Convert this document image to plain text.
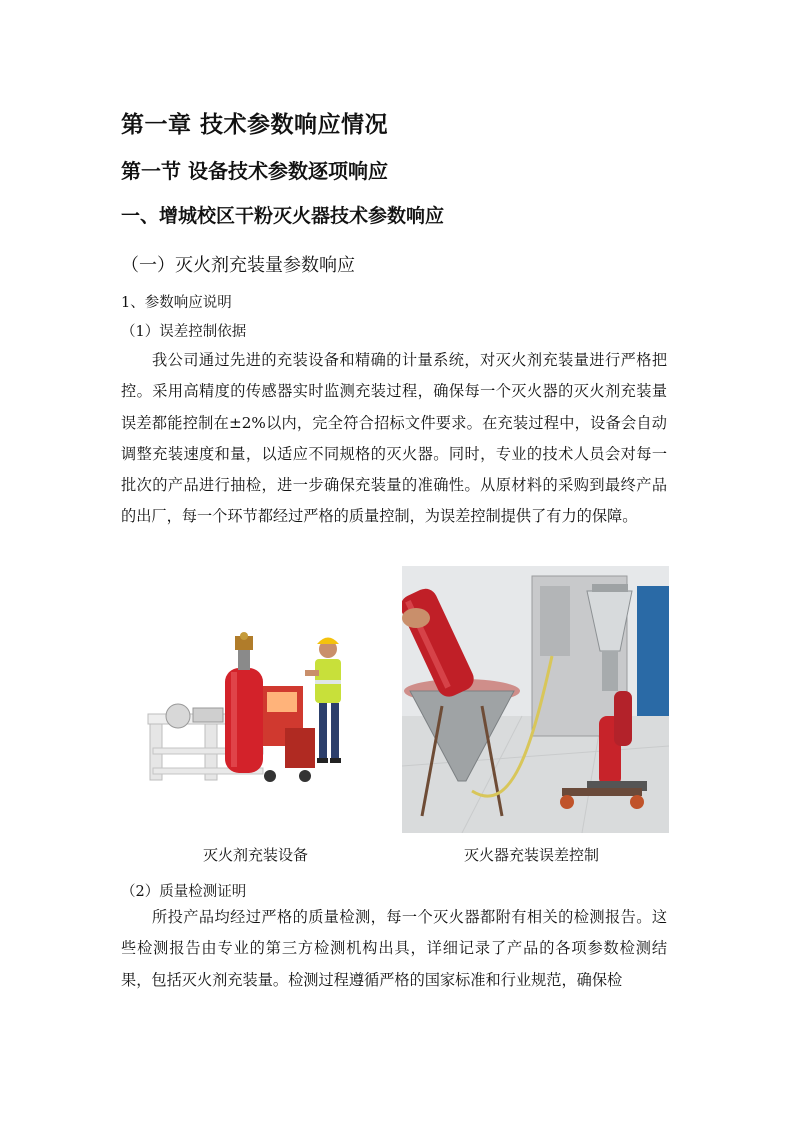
第一章 技术参数响应情况
第一节 设备技术参数逐项响应
一、增城校区干粉灭火器技术参数响应
（一）灭火剂充装量参数响应
1、参数响应说明
（1）误差控制依据

我公司通过先进的充装设备和精确的计量系统，对灭火剂充装量进行严格把控。采用高精度的传感器实时监测充装过程，确保每一个灭火器的灭火剂充装量误差都能控制在±2%以内，完全符合招标文件要求。在充装过程中，设备会自动调整充装速度和量，以适应不同规格的灭火器。同时，专业的技术人员会对每一批次的产品进行抽检，进一步确保充装量的准确性。从原材料的采购到最终产品的出厂，每一个环节都经过严格的质量控制，为误差控制提供了有力的保障。

灭火剂充装设备	灭火器充装误差控制
（2）质量检测证明

所投产品均经过严格的质量检测，每一个灭火器都附有相关的检测报告。这些检测报告由专业的第三方检测机构出具，详细记录了产品的各项参数检测结果，包括灭火剂充装量。检测过程遵循严格的国家标准和行业规范，确保检
